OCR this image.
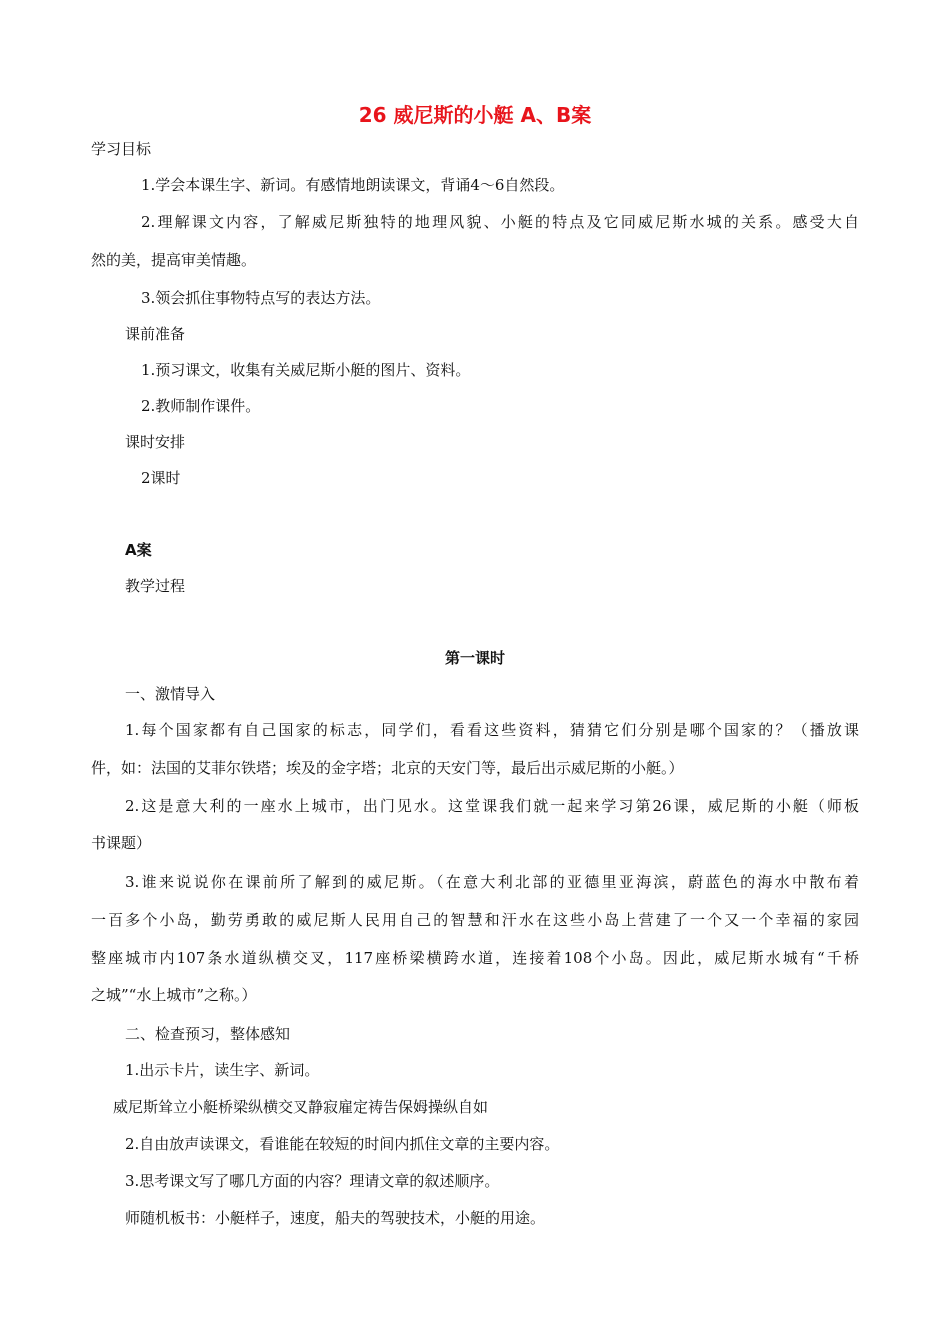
26 威尼斯的小艇 A、B案
学习目标
1.学会本课生字、新词。有感情地朗读课文，背诵4～6自然段。
2.理解课文内容，了解威尼斯独特的地理风貌、小艇的特点及它同威尼斯水城的关系。感受大自
然的美，提高审美情趣。
3.领会抓住事物特点写的表达方法。
课前准备
1.预习课文，收集有关威尼斯小艇的图片、资料。
2.教师制作课件。
课时安排
2课时
A案
教学过程
第一课时
一、激情导入
1.每个国家都有自己国家的标志，同学们，看看这些资料，猜猜它们分别是哪个国家的？（播放课
件，如：法国的艾菲尔铁塔；埃及的金字塔；北京的天安门等，最后出示威尼斯的小艇。）
2.这是意大利的一座水上城市，出门见水。这堂课我们就一起来学习第26课，威尼斯的小艇（师板
书课题）
3.谁来说说你在课前所了解到的威尼斯。（在意大利北部的亚德里亚海滨，蔚蓝色的海水中散布着
一百多个小岛，勤劳勇敢的威尼斯人民用自己的智慧和汗水在这些小岛上营建了一个又一个幸福的家园
整座城市内107条水道纵横交叉，117座桥梁横跨水道，连接着108个小岛。因此，威尼斯水城有“千桥
之城”“水上城市”之称。）
二、检查预习，整体感知
1.出示卡片，读生字、新词。
威尼斯耸立小艇桥梁纵横交叉静寂雇定祷告保姆操纵自如
2.自由放声读课文，看谁能在较短的时间内抓住文章的主要内容。
3.思考课文写了哪几方面的内容？理请文章的叙述顺序。
师随机板书：小艇样子，速度，船夫的驾驶技术，小艇的用途。
